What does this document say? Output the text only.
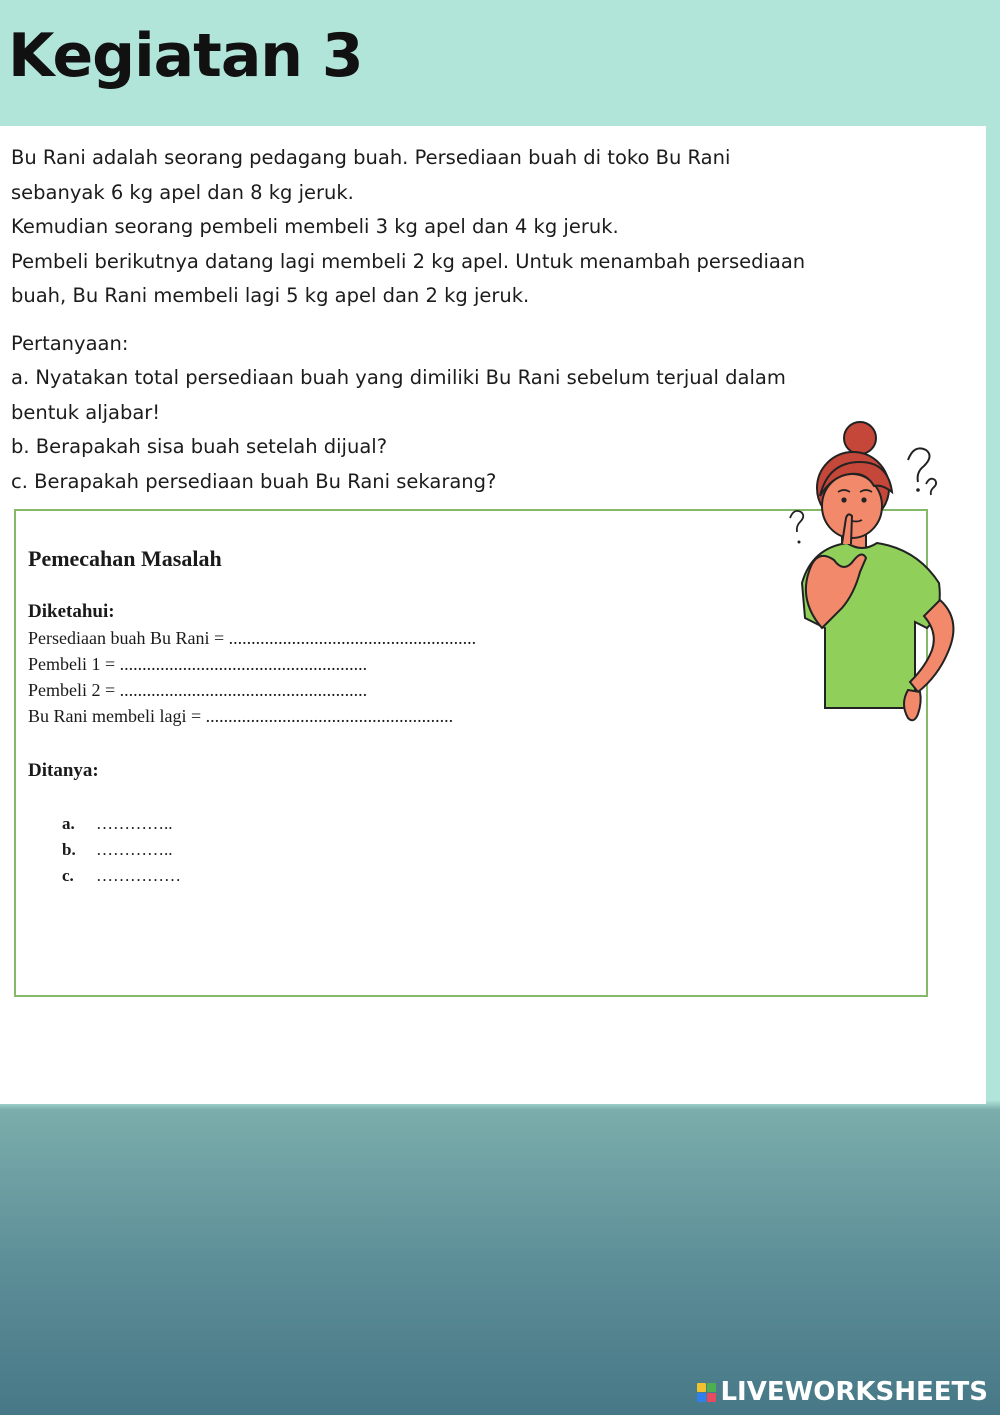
Kegiatan 3

Bu Rani adalah seorang pedagang buah. Persediaan buah di toko Bu Rani

sebanyak 6 kg apel dan 8 kg jeruk.

Kemudian seorang pembeli membeli 3 kg apel dan 4 kg jeruk.

Pembeli berikutnya datang lagi membeli 2 kg apel. Untuk menambah persediaan

buah, Bu Rani membeli lagi 5 kg apel dan 2 kg jeruk.

Pertanyaan:

a. Nyatakan total persediaan buah yang dimiliki Bu Rani sebelum terjual dalam

bentuk aljabar!

b. Berapakah sisa buah setelah dijual?

c. Berapakah persediaan buah Bu Rani sekarang?

Pemecahan Masalah
Diketahui:
Persediaan buah Bu Rani = .......................................................
Pembeli 1 = .......................................................
Pembeli 2 = .......................................................
Bu Rani membeli lagi = .......................................................
Ditanya:
a. …………..
b. …………..
c. ……………
LIVEWORKSHEETS
